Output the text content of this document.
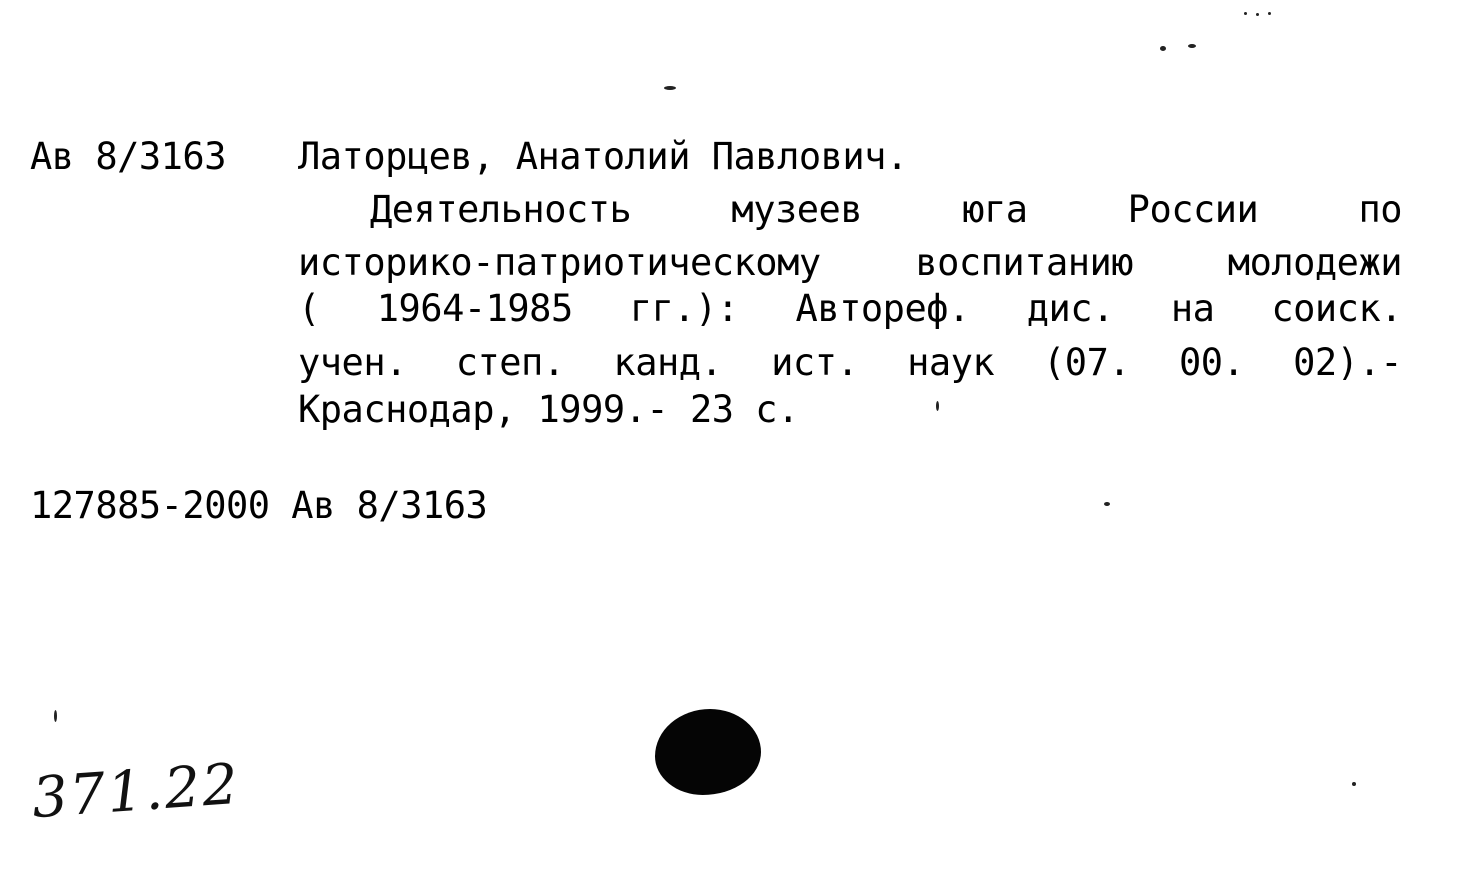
Ав 8/3163 Латорцев, Анатолий Павлович.
Деятельность музеев юга России по
историко-патриотическому воспитанию молодежи
( 1964-1985 гг.): Автореф. дис. на соиск.
учен. степ. канд. ист. наук (07. 00. 02).-
Краснодар, 1999.- 23 с.
127885-2000 Ав 8/3163
371.22
